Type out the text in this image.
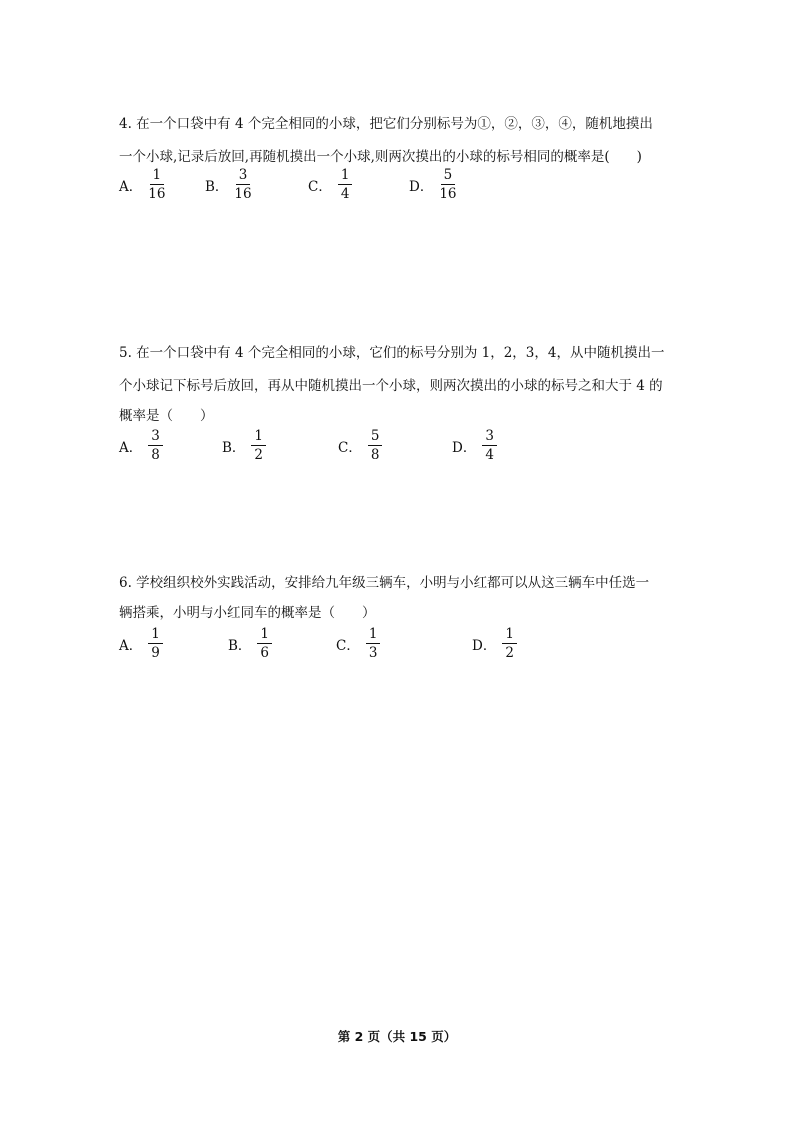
4. 在一个口袋中有 4 个完全相同的小球，把它们分别标号为①，②，③，④，随机地摸出
一个小球,记录后放回,再随机摸出一个小球,则两次摸出的小球的标号相同的概率是(　　)
A． $\frac{1}{16}$	B． $\frac{3}{16}$	C． $\frac{1}{4}$	D． $\frac{5}{16}$
5. 在一个口袋中有 4 个完全相同的小球，它们的标号分别为 1，2，3，4，从中随机摸出一
个小球记下标号后放回，再从中随机摸出一个小球，则两次摸出的小球的标号之和大于 4 的
概率是（　　）
A． $\frac{3}{8}$	B． $\frac{1}{2}$	C． $\frac{5}{8}$	D． $\frac{3}{4}$
6. 学校组织校外实践活动，安排给九年级三辆车，小明与小红都可以从这三辆车中任选一
辆搭乘，小明与小红同车的概率是（　　）
A． $\frac{1}{9}$	B． $\frac{1}{6}$	C． $\frac{1}{3}$	D． $\frac{1}{2}$
第 2 页（共 15 页）
